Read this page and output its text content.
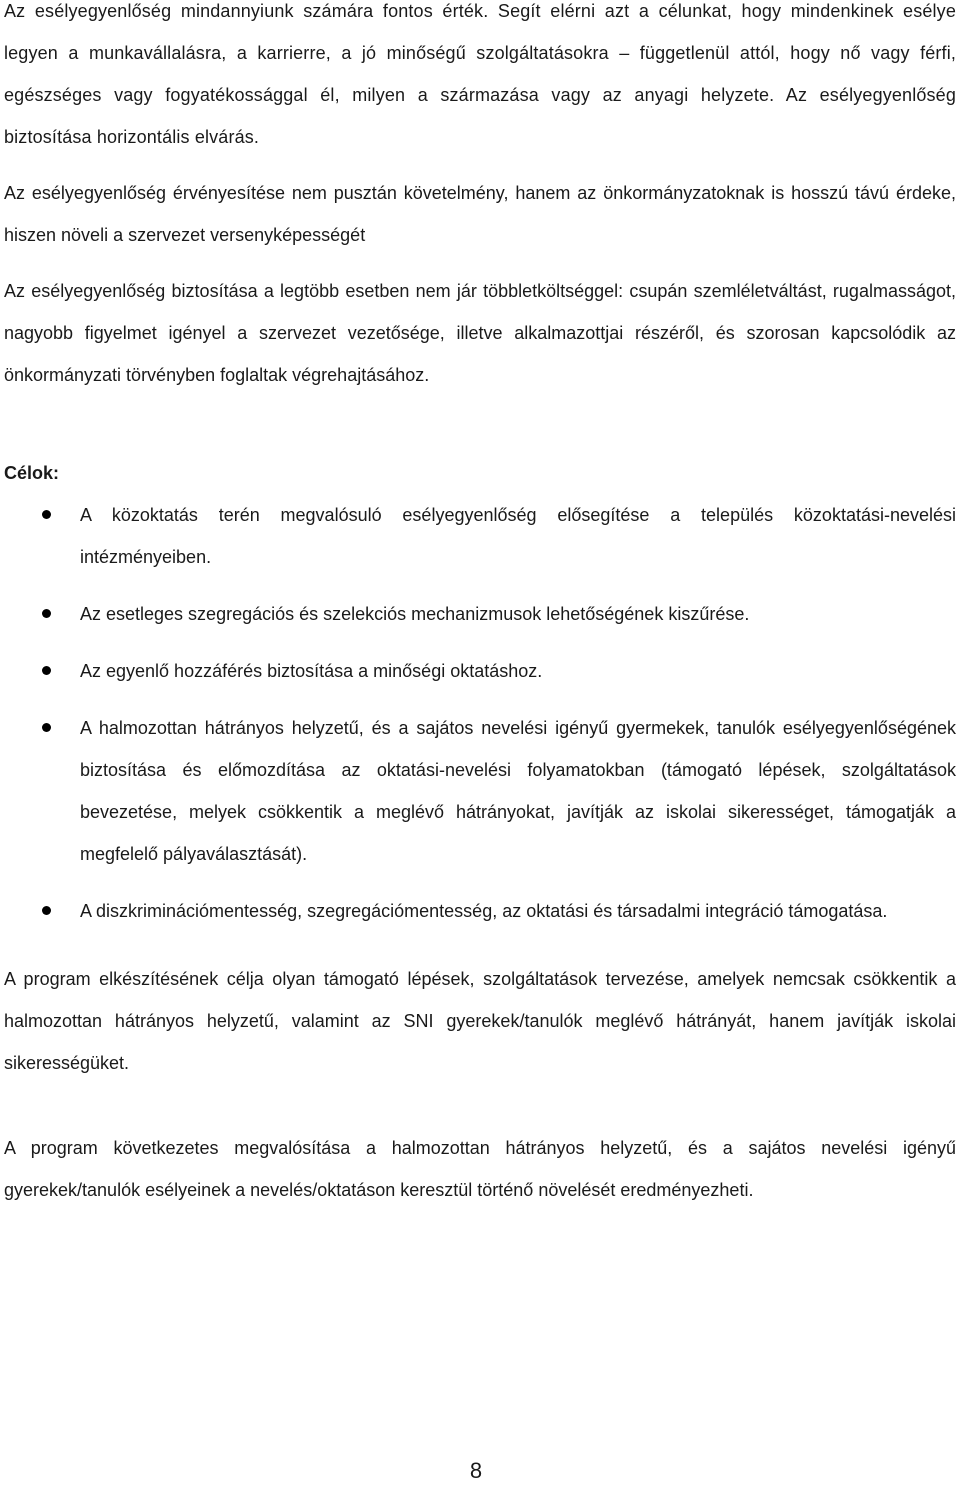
Az esélyegyenlőség mindannyiunk számára fontos érték. Segít elérni azt a célunkat, hogy mindenkinek esélye legyen a munkavállalásra, a karrierre, a jó minőségű szolgáltatásokra – függetlenül attól, hogy nő vagy férfi, egészséges vagy fogyatékossággal él, milyen a származása vagy az anyagi helyzete. Az esélyegyenlőség biztosítása horizontális elvárás.

Az esélyegyenlőség érvényesítése nem pusztán követelmény, hanem az önkormányzatoknak is hosszú távú érdeke, hiszen növeli a szervezet versenyképességét

Az esélyegyenlőség biztosítása a legtöbb esetben nem jár többletköltséggel: csupán szemléletváltást, rugalmasságot, nagyobb figyelmet igényel a szervezet vezetősége, illetve alkalmazottjai részéről, és szorosan kapcsolódik az önkormányzati törvényben foglaltak végrehajtásához.

Célok:

A közoktatás terén megvalósuló esélyegyenlőség elősegítése a település közoktatási-nevelési intézményeiben.
Az esetleges szegregációs és szelekciós mechanizmusok lehetőségének kiszűrése.
Az egyenlő hozzáférés biztosítása a minőségi oktatáshoz.
A halmozottan hátrányos helyzetű, és a sajátos nevelési igényű gyermekek, tanulók esélyegyenlőségének biztosítása és előmozdítása az oktatási-nevelési folyamatokban (támogató lépések, szolgáltatások bevezetése, melyek csökkentik a meglévő hátrányokat, javítják az iskolai sikerességet, támogatják a megfelelő pályaválasztását).
A diszkriminációmentesség, szegregációmentesség, az oktatási és társadalmi integráció támogatása.

A program elkészítésének célja olyan támogató lépések, szolgáltatások tervezése, amelyek nemcsak csökkentik a halmozottan hátrányos helyzetű, valamint az SNI gyerekek/tanulók meglévő hátrányát, hanem javítják iskolai sikerességüket.

A program következetes megvalósítása a halmozottan hátrányos helyzetű, és a sajátos nevelési igényű gyerekek/tanulók esélyeinek a nevelés/oktatáson keresztül történő növelését eredményezheti.

8
